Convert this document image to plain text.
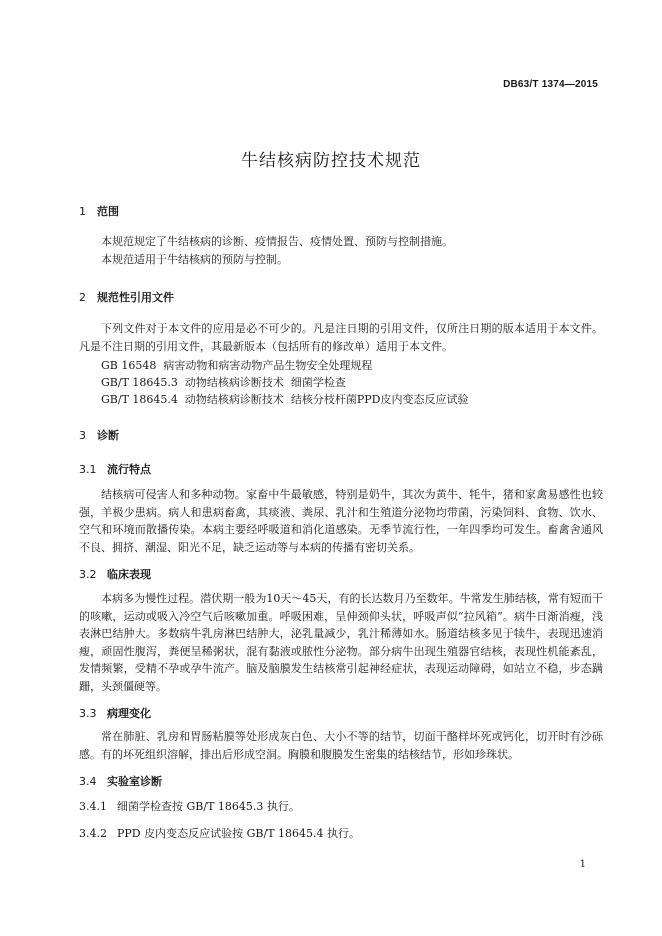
DB63/T 1374—2015
牛结核病防控技术规范
1 范围
本规范规定了牛结核病的诊断、疫情报告、疫情处置、预防与控制措施。
本规范适用于牛结核病的预防与控制。
2 规范性引用文件
下列文件对于本文件的应用是必不可少的。凡是注日期的引用文件，仅所注日期的版本适用于本文件。凡是不注日期的引用文件，其最新版本（包括所有的修改单）适用于本文件。
GB 16548  病害动物和病害动物产品生物安全处理规程
GB/T 18645.3  动物结核病诊断技术  细菌学检查
GB/T 18645.4  动物结核病诊断技术  结核分枝杆菌PPD皮内变态反应试验
3 诊断
3.1 流行特点
结核病可侵害人和多种动物。家畜中牛最敏感，特别是奶牛，其次为黄牛、牦牛，猪和家禽易感性也较强，羊极少患病。病人和患病畜禽，其痰液、粪尿、乳汁和生殖道分泌物均带菌，污染饲料、食物、饮水、空气和环境而散播传染。本病主要经呼吸道和消化道感染。无季节流行性，一年四季均可发生。畜禽舍通风不良、拥挤、潮湿、阳光不足，缺乏运动等与本病的传播有密切关系。
3.2 临床表现
本病多为慢性过程。潜伏期一般为10天～45天，有的长达数月乃至数年。牛常发生肺结核，常有短而干的咳嗽，运动或吸入冷空气后咳嗽加重。呼吸困难，呈伸颈仰头状，呼吸声似“拉风箱”。病牛日渐消瘦，浅表淋巴结肿大。多数病牛乳房淋巴结肿大，泌乳量减少，乳汁稀薄如水。肠道结核多见于犊牛，表现迅速消瘦，顽固性腹泻，粪便呈稀粥状，混有黏液或脓性分泌物。部分病牛出现生殖器官结核，表现性机能紊乱，发情频繁，受精不孕或孕牛流产。脑及脑膜发生结核常引起神经症状，表现运动障碍，如站立不稳，步态蹒跚，头颈僵硬等。
3.3 病理变化
常在肺脏、乳房和胃肠粘膜等处形成灰白色、大小不等的结节，切面干酪样坏死或钙化，切开时有沙砾感。有的坏死组织溶解，排出后形成空洞。胸膜和腹膜发生密集的结核结节，形如珍珠状。
3.4 实验室诊断
3.4.1 细菌学检查按 GB/T 18645.3 执行。
3.4.2 PPD 皮内变态反应试验按 GB/T 18645.4 执行。
1
